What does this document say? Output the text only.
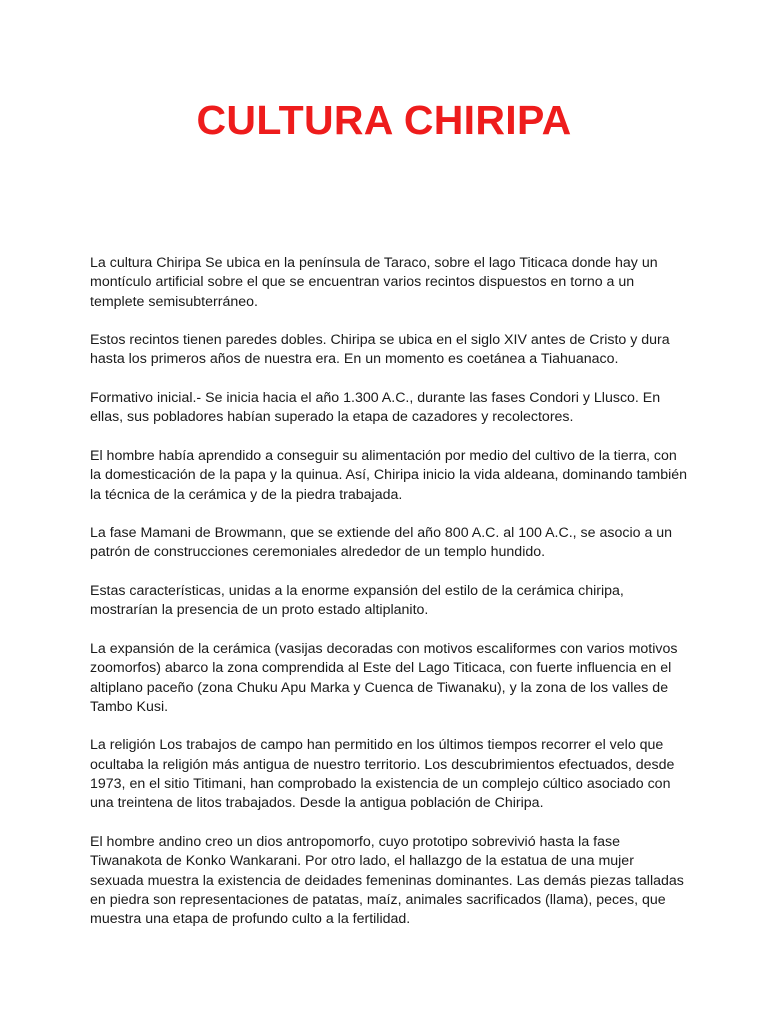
CULTURA CHIRIPA

La cultura Chiripa Se ubica en la península de Taraco, sobre el lago Titicaca donde hay un montículo artificial sobre el que se encuentran varios recintos dispuestos en torno a un templete semisubterráneo.

Estos recintos tienen paredes dobles. Chiripa se ubica en el siglo XIV antes de Cristo y dura hasta los primeros años de nuestra era. En un momento es coetánea a Tiahuanaco.

Formativo inicial.- Se inicia hacia el año 1.300 A.C., durante las fases Condori y Llusco. En ellas, sus pobladores habían superado la etapa de cazadores y recolectores.

El hombre había aprendido a conseguir su alimentación por medio del cultivo de la tierra, con la domesticación de la papa y la quinua. Así, Chiripa inicio la vida aldeana, dominando también la técnica de la cerámica y de la piedra trabajada.

La fase Mamani de Browmann, que se extiende del año 800 A.C. al 100 A.C., se asocio a un patrón de construcciones ceremoniales alrededor de un templo hundido.

Estas características, unidas a la enorme expansión del estilo de la cerámica chiripa, mostrarían la presencia de un proto estado altiplanito.

La expansión de la cerámica (vasijas decoradas con motivos escaliformes con varios motivos zoomorfos) abarco la zona comprendida al Este del Lago Titicaca, con fuerte influencia en el altiplano paceño (zona Chuku Apu Marka y Cuenca de Tiwanaku), y la zona de los valles de Tambo Kusi.

La religión Los trabajos de campo han permitido en los últimos tiempos recorrer el velo que ocultaba la religión más antigua de nuestro territorio. Los descubrimientos efectuados, desde 1973, en el sitio Titimani, han comprobado la existencia de un complejo cúltico asociado con una treintena de litos trabajados. Desde la antigua población de Chiripa.

El hombre andino creo un dios antropomorfo, cuyo prototipo sobrevivió hasta la fase Tiwanakota de Konko Wankarani. Por otro lado, el hallazgo de la estatua de una mujer sexuada muestra la existencia de deidades femeninas dominantes. Las demás piezas talladas en piedra son representaciones de patatas, maíz, animales sacrificados (llama), peces, que muestra una etapa de profundo culto a la fertilidad.
